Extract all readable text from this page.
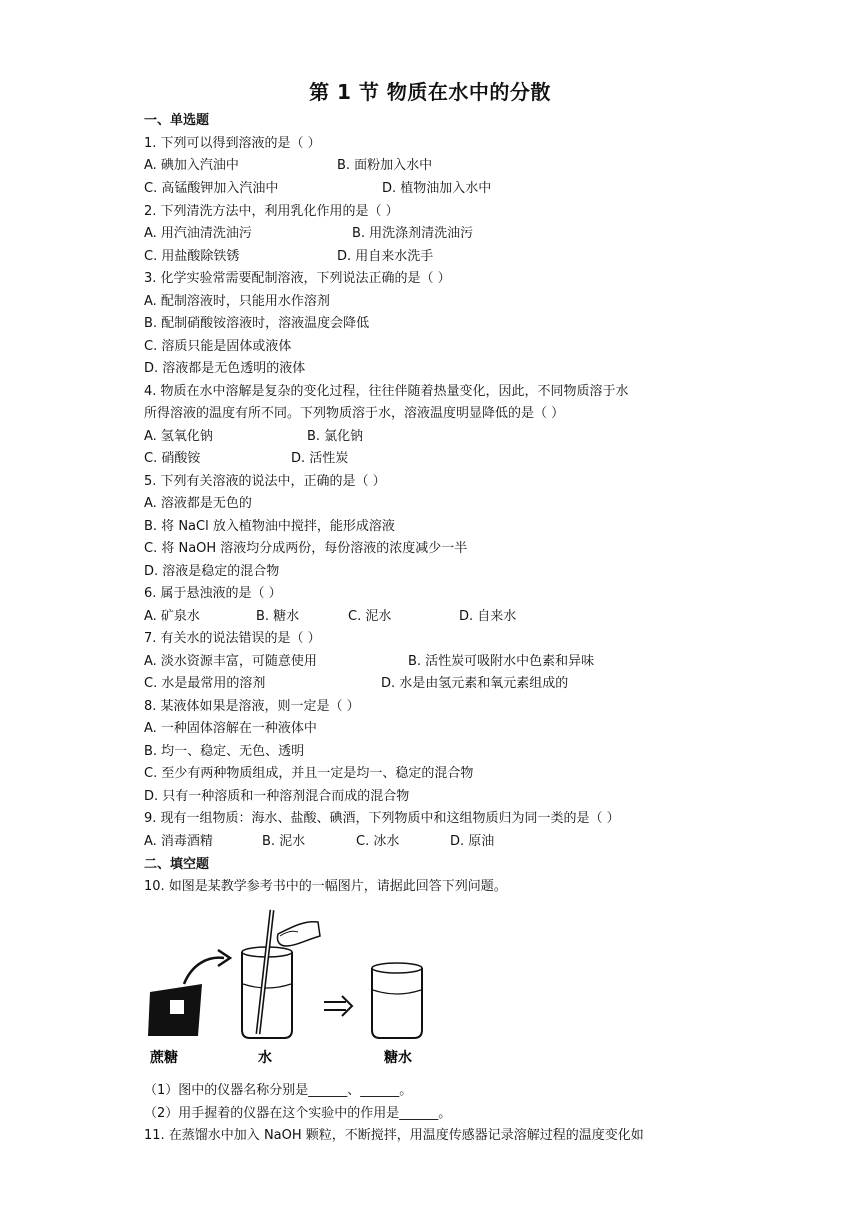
第 1 节 物质在水中的分散
一、单选题
1. 下列可以得到溶液的是（ ）
A. 碘加入汽油中	B. 面粉加入水中
C. 高锰酸钾加入汽油中	D. 植物油加入水中
2. 下列清洗方法中，利用乳化作用的是（ ）
A. 用汽油清洗油污	B. 用洗涤剂清洗油污
C. 用盐酸除铁锈	D. 用自来水洗手
3. 化学实验常需要配制溶液，下列说法正确的是（ ）
A. 配制溶液时，只能用水作溶剂
B. 配制硝酸铵溶液时，溶液温度会降低
C. 溶质只能是固体或液体
D. 溶液都是无色透明的液体
4. 物质在水中溶解是复杂的变化过程，往往伴随着热量变化，因此，不同物质溶于水
所得溶液的温度有所不同。下列物质溶于水，溶液温度明显降低的是（ ）
A. 氢氧化钠	B. 氯化钠
C. 硝酸铵	D. 活性炭
5. 下列有关溶液的说法中，正确的是（ ）
A. 溶液都是无色的
B. 将 NaCl 放入植物油中搅拌，能形成溶液
C. 将 NaOH 溶液均分成两份，每份溶液的浓度减少一半
D. 溶液是稳定的混合物
6. 属于悬浊液的是（ ）
A. 矿泉水	B. 糖水	C. 泥水	D. 自来水
7. 有关水的说法错误的是（ ）
A. 淡水资源丰富，可随意使用	B. 活性炭可吸附水中色素和异味
C. 水是最常用的溶剂	D. 水是由氢元素和氧元素组成的
8. 某液体如果是溶液，则一定是（ ）
A. 一种固体溶解在一种液体中
B. 均一、稳定、无色、透明
C. 至少有两种物质组成，并且一定是均一、稳定的混合物
D. 只有一种溶质和一种溶剂混合而成的混合物
9. 现有一组物质：海水、盐酸、碘酒，下列物质中和这组物质归为同一类的是（ ）
A. 消毒酒精	B. 泥水	C. 冰水	D. 原油
二、填空题
10. 如图是某教学参考书中的一幅图片，请据此回答下列问题。
蔗糖	水	糖水
（1）图中的仪器名称分别是______、______。
（2）用手握着的仪器在这个实验中的作用是______。
11. 在蒸馏水中加入 NaOH 颗粒，不断搅拌，用温度传感器记录溶解过程的温度变化如
